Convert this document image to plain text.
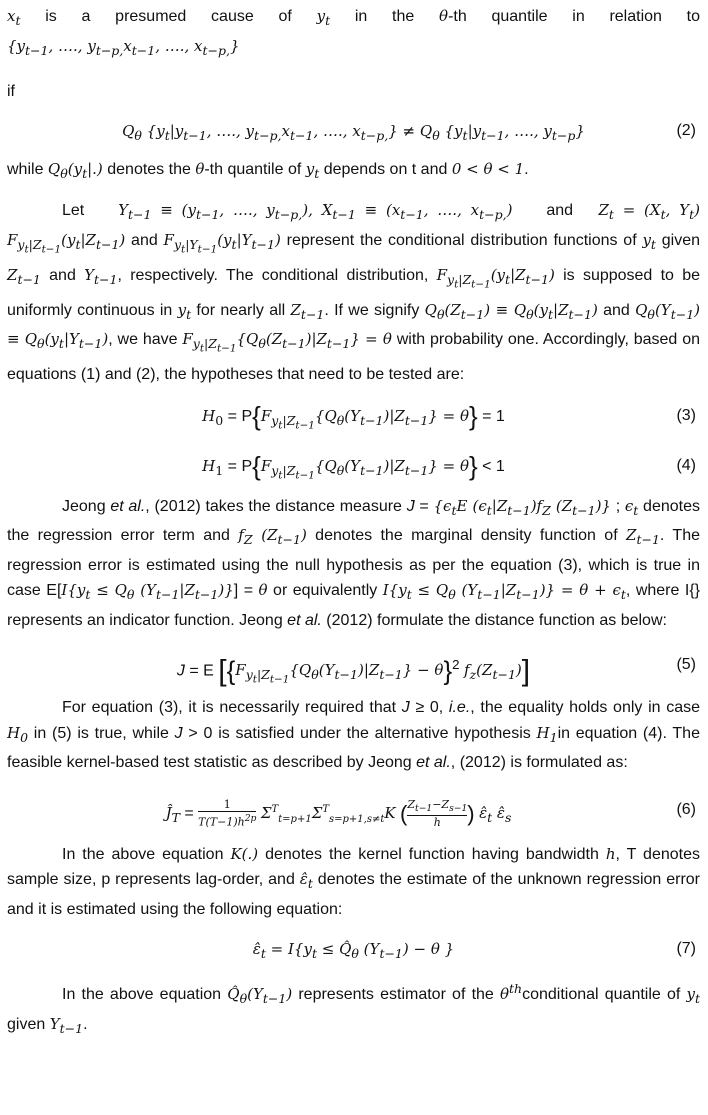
$x_t$ is a presumed cause of $y_t$ in the θ-th quantile in relation to

{$y_{t-1}$, …., $y_{t-p,}x_{t-1}$, …., $x_{t-p,}$}

if

$Q_\theta$ {$y_t|y_{t-1}$, …., $y_{t-p,}x_{t-1}$, …., $x_{t-p,}\} \ne Q_\theta$ {$y_t|y_{t-1}$, …., $y_{t-p}$}	(2)

while $Q_\theta(y_t|.)$ denotes the θ-th quantile of $y_t$ depends on t and 0 < θ < 1.

Let    $Y_{t-1} \equiv (y_{t-1}$, …., $y_{t-p,}$), $X_{t-1} \equiv (x_{t-1}$, …., $x_{t-p,}$)    and   $Z_t = (X_t$, $Y_t$) $F_{y_t|Z_{t-1}}(y_t|Z_{t-1})$ and $F_{y_t|Y_{t-1}}(y_t|Y_{t-1})$ represent the conditional distribution functions of $y_t$ given $Z_{t-1}$ and $Y_{t-1}$, respectively. The conditional distribution, $F_{y_t|Z_{t-1}}(y_t|Z_{t-1})$ is supposed to be uniformly continuous in $y_t$ for nearly all $Z_{t-1}$. If we signify $Q_\theta(Z_{t-1}) \equiv Q_\theta(y_t|Z_{t-1})$ and $Q_\theta(Y_{t-1}) \equiv Q_\theta(y_t|Y_{t-1})$, we have $F_{y_t|Z_{t-1}}\{Q_\theta(Z_{t-1})|Z_{t-1}\} = \theta$ with probability one. Accordingly, based on equations (1) and (2), the hypotheses that need to be tested are:

$H_0 = P\{F_{y_t|Z_{t-1}}\{Q_\theta(Y_{t-1})|Z_{t-1}\} = \theta\} = 1$	(3)
$H_1 = P\{F_{y_t|Z_{t-1}}\{Q_\theta(Y_{t-1})|Z_{t-1}\} = \theta\} < 1$	(4)

Jeong et al., (2012) takes the distance measure $J = \{\epsilon_tE$ $(\epsilon_t|Z_{t-1})f_Z$ $(Z_{t-1})$} ; $\epsilon_t$ denotes the regression error term and $f_Z$ $(Z_{t-1})$ denotes the marginal density function of $Z_{t-1}$. The regression error is estimated using the null hypothesis as per the equation (3), which is true in case $E[I\{y_t \le Q_\theta$ $(Y_{t-1}|Z_{t-1})\}] = \theta$ or equivalently $I\{y_t \le Q_\theta$ $(Y_{t-1}|Z_{t-1})\} = \theta + \epsilon_t$, where I{} represents an indicator function. Jeong et al. (2012) formulate the distance function as below:

J = E [$\{F_{y_t|Z_{t-1}}\{Q_\theta(Y_{t-1})|Z_{t-1}\} - \theta\}^2$ $f_z(Z_{t-1})$]	(5)

For equation (3), it is necessarily required that J ≥ 0, i.e., the equality holds only in case $H_0$ in (5) is true, while J > 0 is satisfied under the alternative hypothesis $H_1in$ equation (4). The feasible kernel-based test statistic as described by Jeong et al., (2012) is formulated as:

$Ĵ_T = \frac{1}{T(T-1)h^{2p}} \Sigma^T_{t=p+1}\Sigma^T_{s=p+1,s\ne t}K$ ( $\frac{Z_{t-1}-Z_{s-1}}{h}$ ) $\varepsilon̂_t$ $\varepsilon̂_s$	(6)

In the above equation K(.) denotes the kernel function having bandwidth h, T denotes sample size, p represents lag-order, and $\varepsilon̂_t$ denotes the estimate of the unknown regression error and it is estimated using the following equation:

$\varepsilon̂_t = I\{y_t$ ≤ $Q̂_\theta$ $(Y_{t-1}) - \theta$ }	(7)

In the above equation $Q̂_\theta(Y_{t-1})$ represents estimator of the $\theta^{th}conditional$ quantile of $y_t$ given $Y_{t-1}$.
